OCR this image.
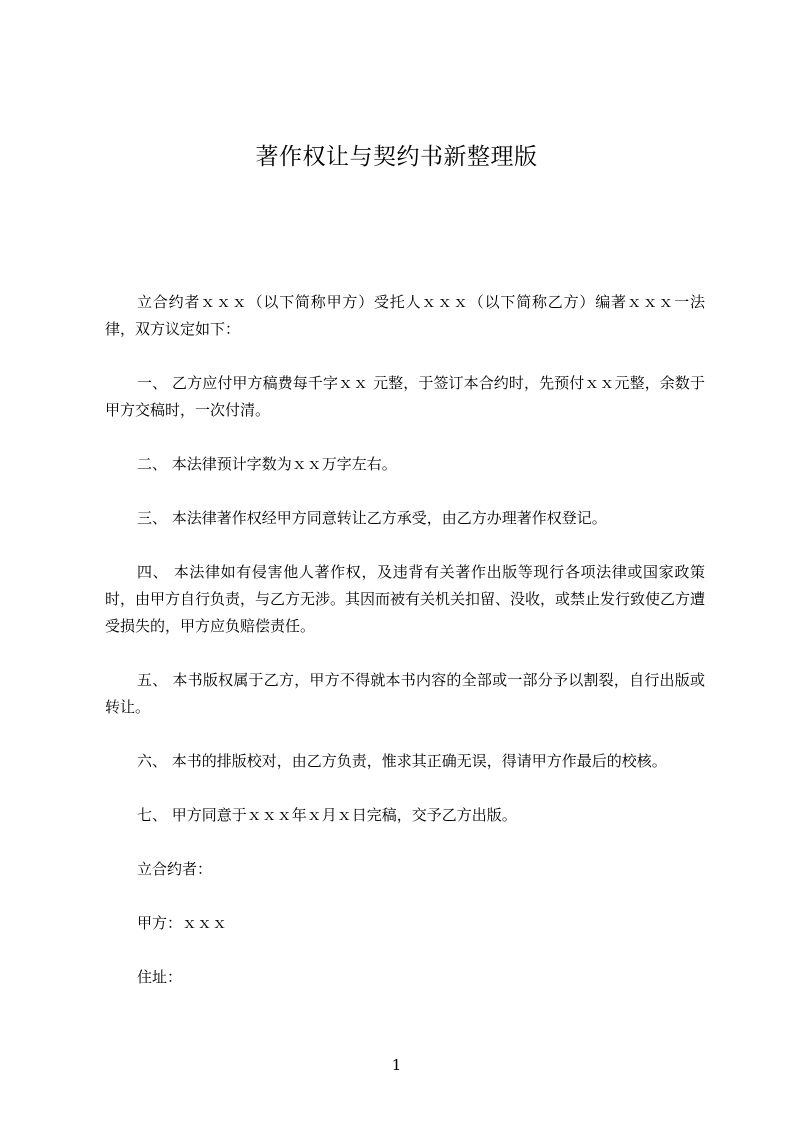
著作权让与契约书新整理版

立合约者ｘｘｘ（以下简称甲方）受托人ｘｘｘ（以下简称乙方）编著ｘｘｘ一法律，双方议定如下：

一、 乙方应付甲方稿费每千字ｘｘ 元整，于签订本合约时，先预付ｘｘ元整，余数于甲方交稿时，一次付清。

二、 本法律预计字数为ｘｘ万字左右。

三、 本法律著作权经甲方同意转让乙方承受，由乙方办理著作权登记。

四、 本法律如有侵害他人著作权，及违背有关著作出版等现行各项法律或国家政策时，由甲方自行负责，与乙方无涉。其因而被有关机关扣留、没收，或禁止发行致使乙方遭受损失的，甲方应负赔偿责任。

五、 本书版权属于乙方，甲方不得就本书内容的全部或一部分予以割裂，自行出版或转让。

六、 本书的排版校对，由乙方负责，惟求其正确无误，得请甲方作最后的校核。

七、 甲方同意于ｘｘｘ年ｘ月ｘ日完稿，交予乙方出版。

立合约者：

甲方：ｘｘｘ

住址：

1
